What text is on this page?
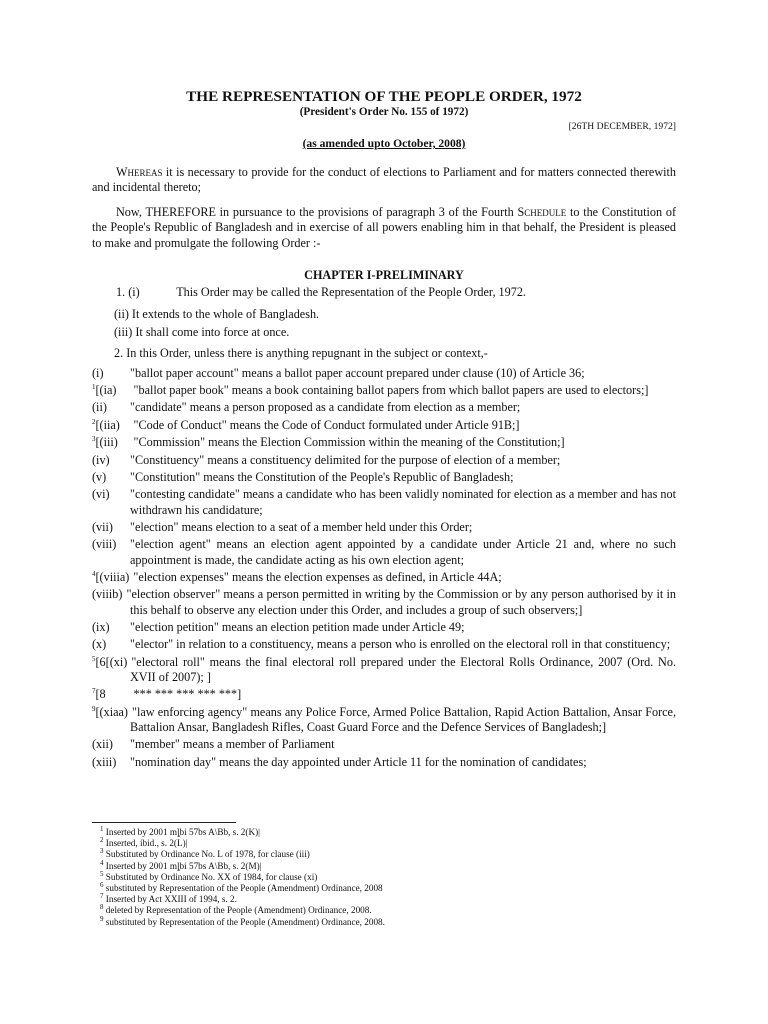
THE REPRESENTATION OF THE PEOPLE ORDER, 1972
(President's Order No. 155 of 1972)
[26TH DECEMBER, 1972]
(as amended upto October, 2008)
Whereas it is necessary to provide for the conduct of elections to Parliament and for matters connected therewith and incidental thereto;
Now, THEREFORE in pursuance to the provisions of paragraph 3 of the Fourth Schedule to the Constitution of the People's Republic of Bangladesh and in exercise of all powers enabling him in that behalf, the President is pleased to make and promulgate the following Order :-
CHAPTER I-PRELIMINARY
1. (i)	This Order may be called the Representation of the People Order, 1972.
(ii) It extends to the whole of Bangladesh.
(iii) It shall come into force at once.
2. In this Order, unless there is anything repugnant in the subject or context,-
(i) "ballot paper account" means a ballot paper account prepared under clause (10) of Article 36;
$^1$[(ia) "ballot paper book" means a book containing ballot papers from which ballot papers are used to electors;]
(ii) "candidate" means a person proposed as a candidate from election as a member;
$^2$[(iia) "Code of Conduct" means the Code of Conduct formulated under Article 91B;]
$^3$[(iii) "Commission" means the Election Commission within the meaning of the Constitution;]
(iv) "Constituency" means a constituency delimited for the purpose of election of a member;
(v) "Constitution" means the Constitution of the People's Republic of Bangladesh;
(vi) "contesting candidate" means a candidate who has been validly nominated for election as a member and has not withdrawn his candidature;
(vii) "election" means election to a seat of a member held under this Order;
(viii) "election agent" means an election agent appointed by a candidate under Article 21 and, where no such appointment is made, the candidate acting as his own election agent;
$^4$[(viiia) "election expenses" means the election expenses as defined, in Article 44A;
(viiib) "election observer" means a person permitted in writing by the Commission or by any person authorised by it in this behalf to observe any election under this Order, and includes a group of such observers;]
(ix) "election petition" means an election petition made under Article 49;
(x) "elector" in relation to a constituency, means a person who is enrolled on the electoral roll in that constituency;
$^5$[6[(xi) "electoral roll" means the final electoral roll prepared under the Electoral Rolls Ordinance, 2007 (Ord. No. XVII of 2007); ]
$^7$[8 *** *** *** *** ***]
$^9$[(xiaa) "law enforcing agency" means any Police Force, Armed Police Battalion, Rapid Action Battalion, Ansar Force, Battalion Ansar, Bangladesh Rifles, Coast Guard Force and the Defence Services of Bangladesh;]
(xii) "member" means a member of Parliament
(xiii) "nomination day" means the day appointed under Article 11 for the nomination of candidates;
$^1$ Inserted by 2001 mȴbi 57bs A\Bb, s. 2(K)|
$^2$ Inserted, ibid., s. 2(L)|
$^3$ Substituted by Ordinance No. L of 1978, for clause (iii)
$^4$ Inserted by 2001 mȴbi 57bs A\Bb, s. 2(M)|
$^5$ Substituted by Ordinance No. XX of 1984, for clause (xi)
$^6$ substituted by Representation of the People (Amendment) Ordinance, 2008
$^7$ Inserted by Act XXIII of 1994, s. 2.
$^8$ deleted by Representation of the People (Amendment) Ordinance, 2008.
$^9$ substituted by Representation of the People (Amendment) Ordinance, 2008.
